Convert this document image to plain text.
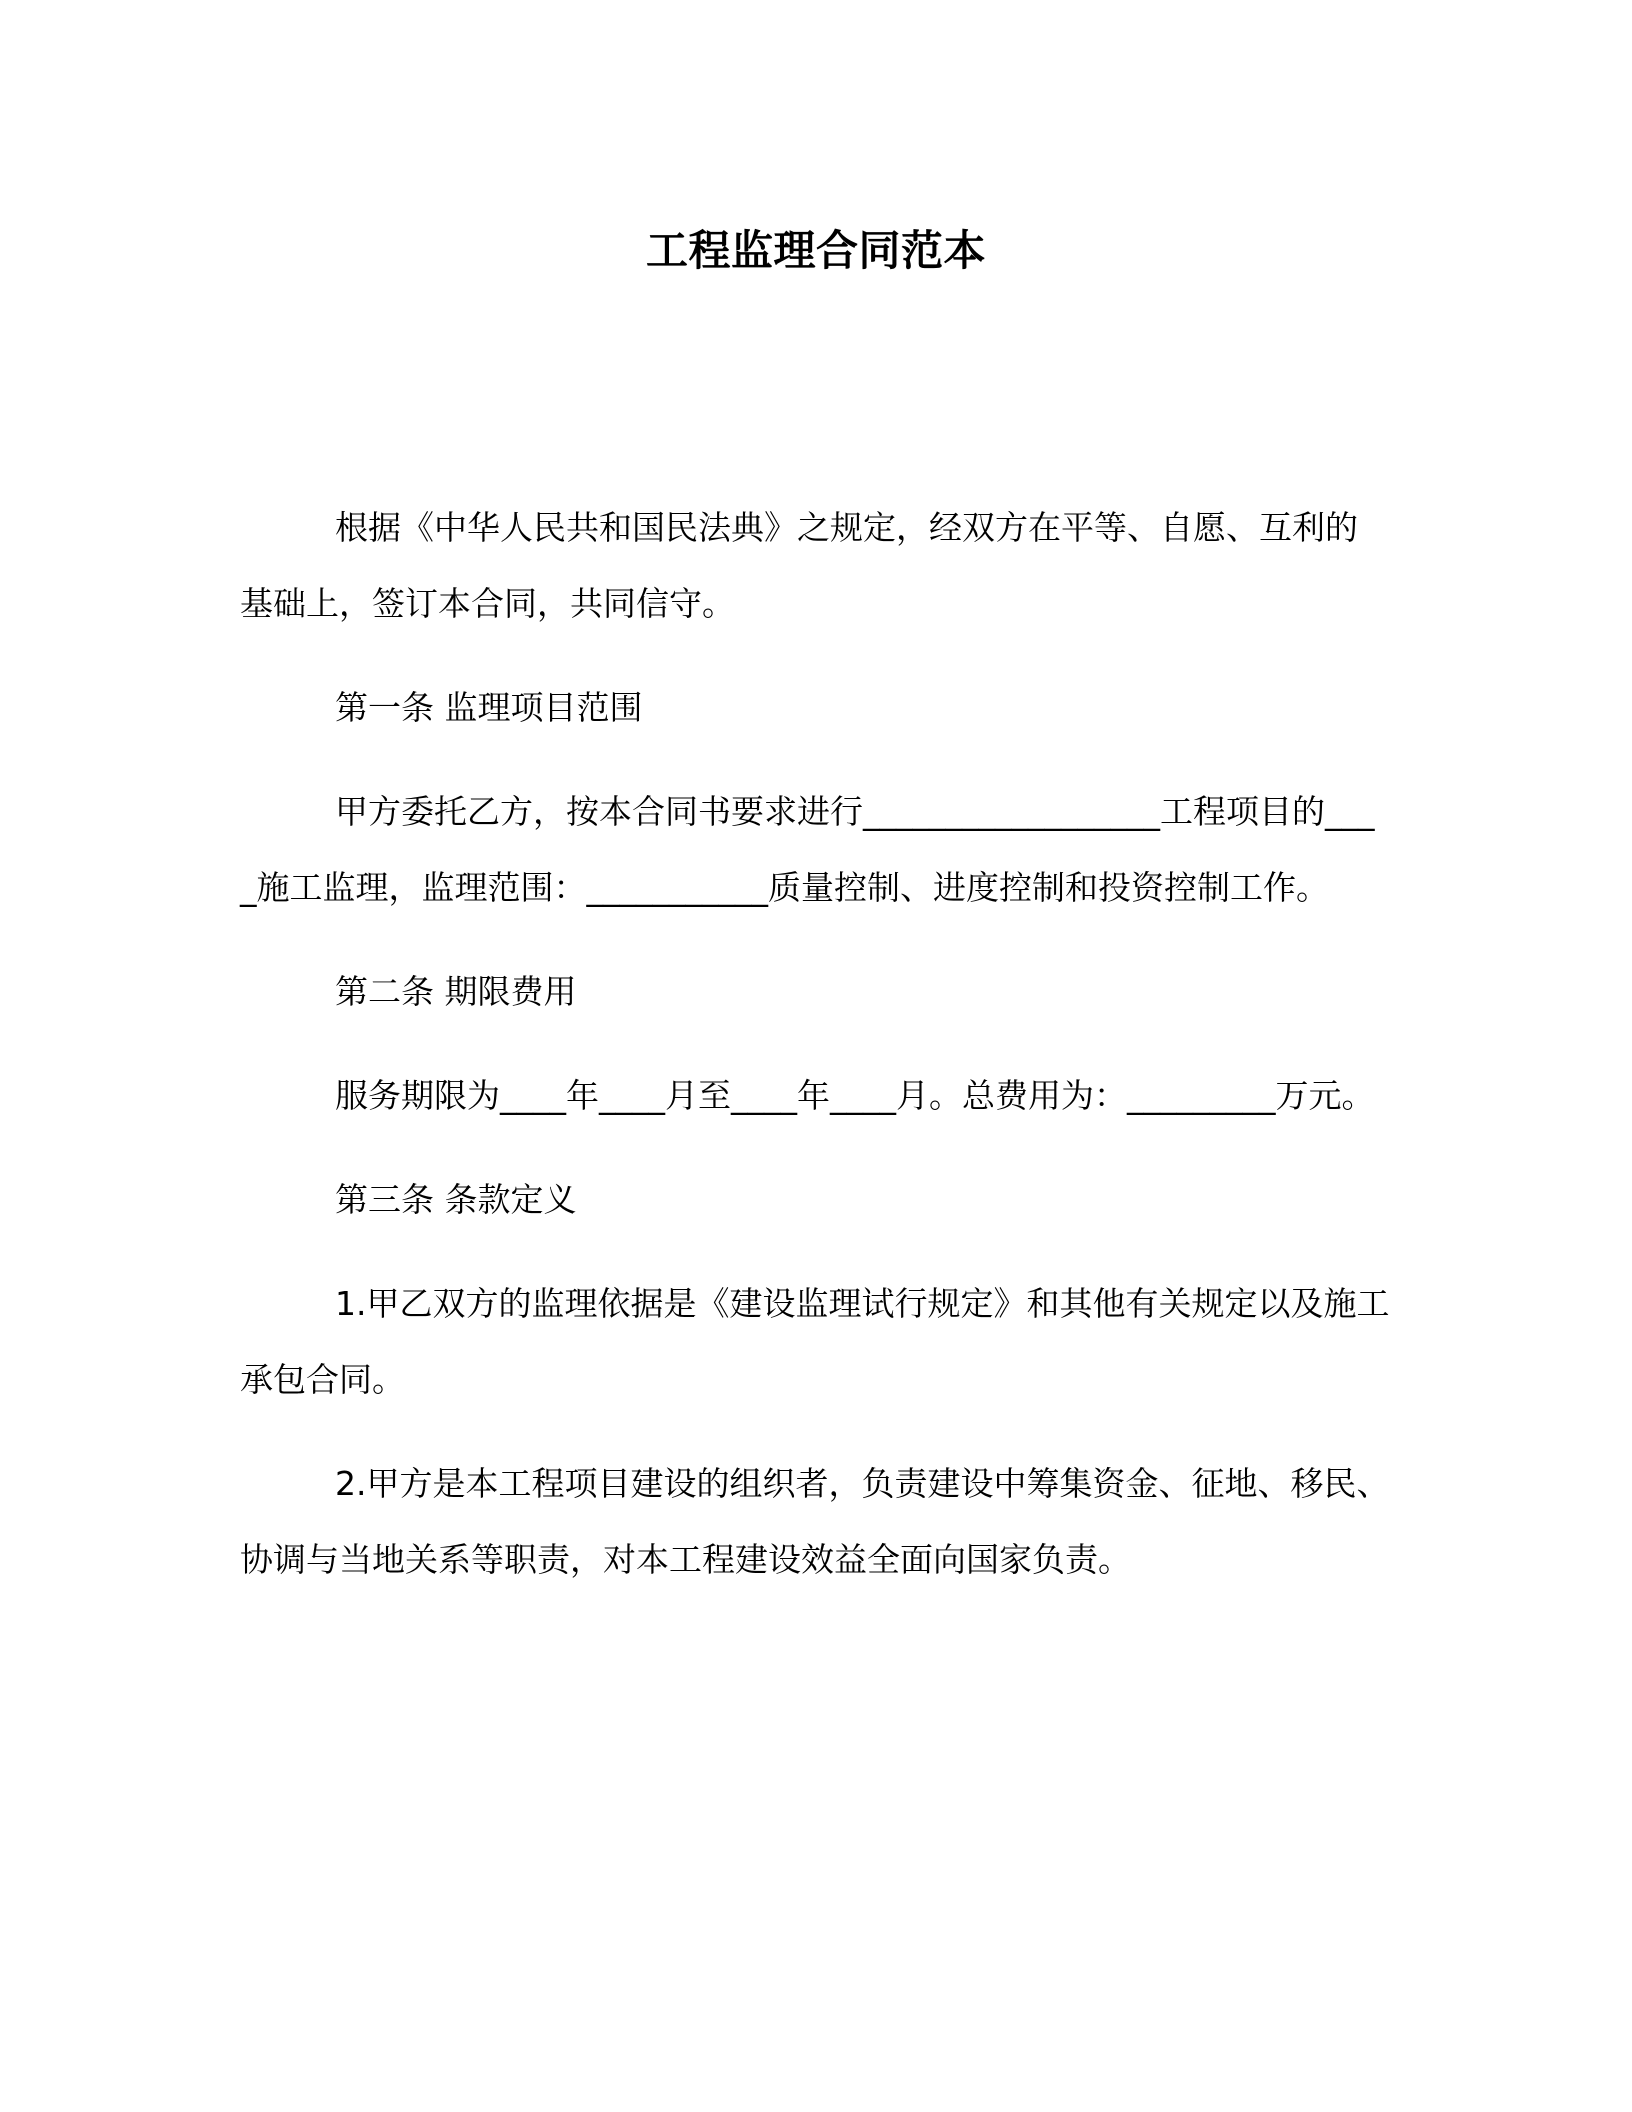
工程监理合同范本

根据《中华人民共和国民法典》之规定，经双方在平等、自愿、互利的基础上，签订本合同，共同信守。

第一条 监理项目范围

甲方委托乙方，按本合同书要求进行__________________工程项目的____施工监理，监理范围：___________质量控制、进度控制和投资控制工作。

第二条 期限费用

服务期限为____年____月至____年____月。总费用为：_________万元。

第三条 条款定义

1.甲乙双方的监理依据是《建设监理试行规定》和其他有关规定以及施工承包合同。

2.甲方是本工程项目建设的组织者，负责建设中筹集资金、征地、移民、协调与当地关系等职责，对本工程建设效益全面向国家负责。
